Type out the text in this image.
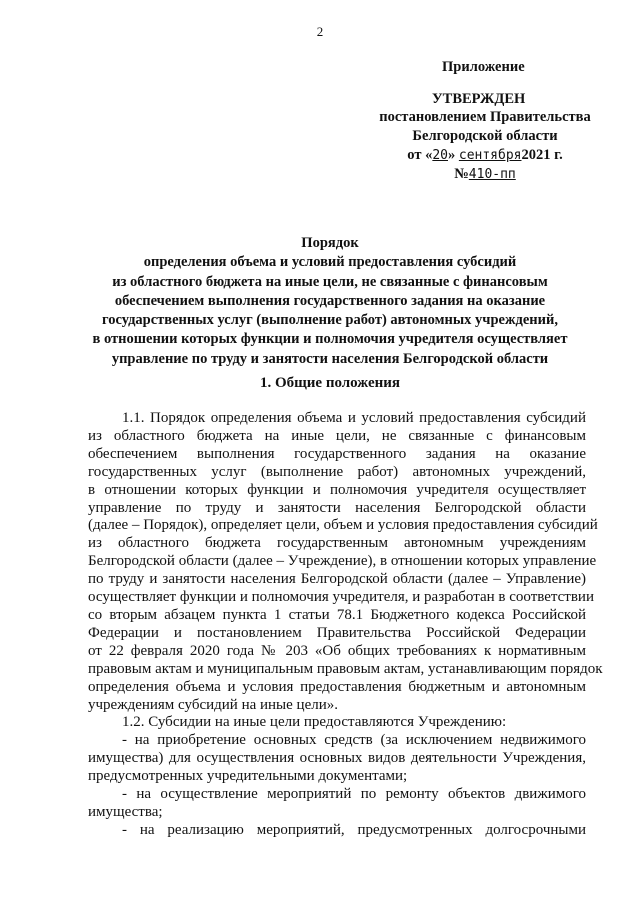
2
Приложение
УТВЕРЖДЕН
постановлением Правительства
Белгородской области
от «20» сентября2021 г.
№410-пп
Порядок
определения объема и условий предоставления субсидий
из областного бюджета на иные цели, не связанные с финансовым
обеспечением выполнения государственного задания на оказание
государственных услуг (выполнение работ) автономных учреждений,
в отношении которых функции и полномочия учредителя осуществляет
управление по труду и занятости населения Белгородской области
1. Общие положения
1.1. Порядок определения объема и условий предоставления субсидий
из областного бюджета на иные цели, не связанные с финансовым
обеспечением выполнения государственного задания на оказание
государственных услуг (выполнение работ) автономных учреждений,
в отношении которых функции и полномочия учредителя осуществляет
управление по труду и занятости населения Белгородской области
(далее – Порядок), определяет цели, объем и условия предоставления субсидий
из областного бюджета государственным автономным учреждениям
Белгородской области (далее – Учреждение), в отношении которых управление
по труду и занятости населения Белгородской области (далее – Управление)
осуществляет функции и полномочия учредителя, и разработан в соответствии
со вторым абзацем пункта 1 статьи 78.1 Бюджетного кодекса Российской
Федерации и постановлением Правительства Российской Федерации
от 22 февраля 2020 года № 203 «Об общих требованиях к нормативным
правовым актам и муниципальным правовым актам, устанавливающим порядок
определения объема и условия предоставления бюджетным и автономным
учреждениям субсидий на иные цели».
1.2. Субсидии на иные цели предоставляются Учреждению:
- на приобретение основных средств (за исключением недвижимого
имущества) для осуществления основных видов деятельности Учреждения,
предусмотренных учредительными документами;
- на осуществление мероприятий по ремонту объектов движимого
имущества;
- на реализацию мероприятий, предусмотренных долгосрочными
